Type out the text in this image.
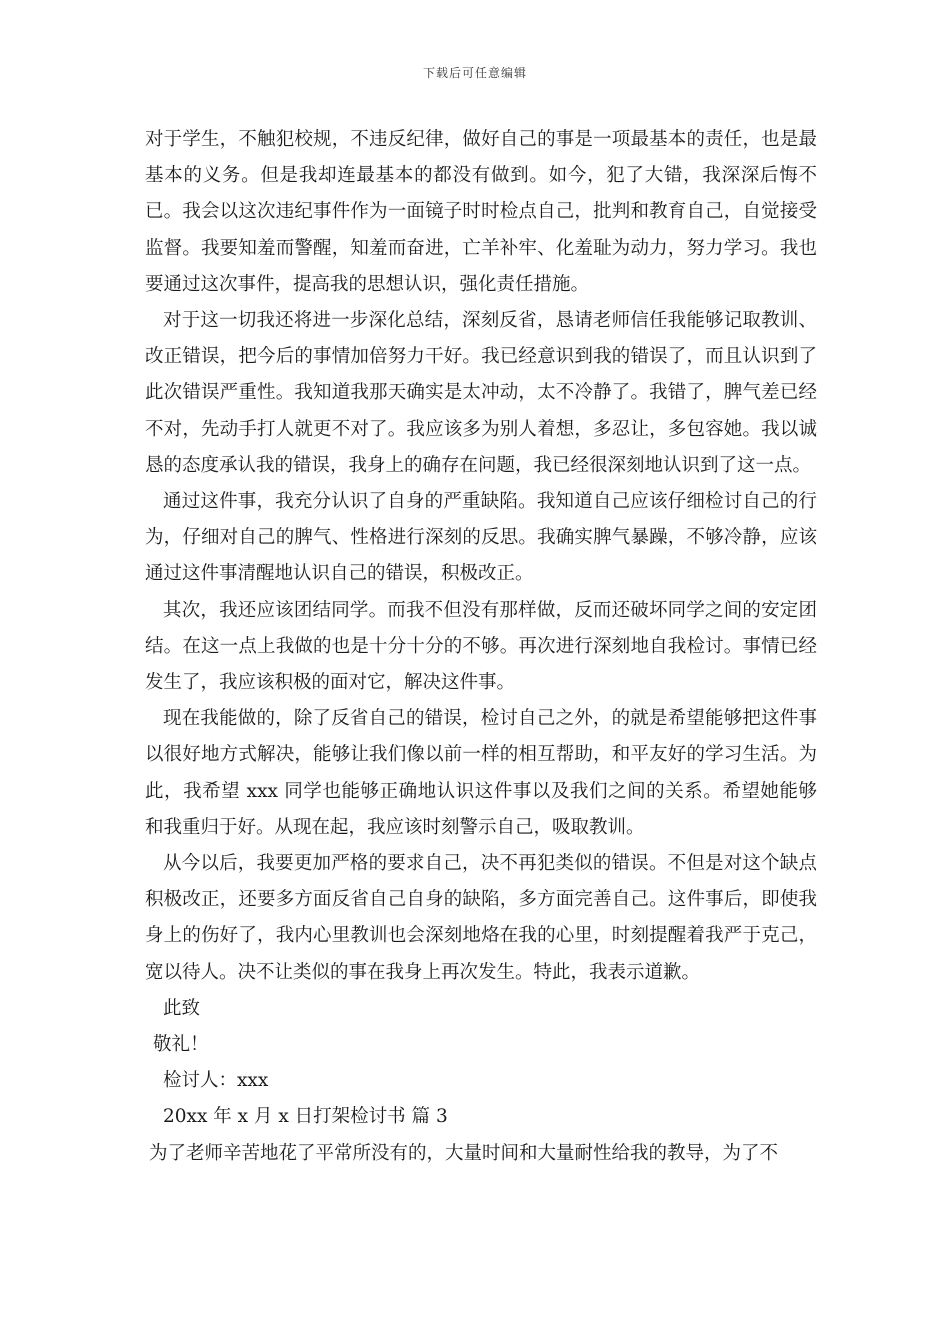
下载后可任意编辑

对于学生，不触犯校规，不违反纪律，做好自己的事是一项最基本的责任，也是最基本的义务。但是我却连最基本的都没有做到。如今，犯了大错，我深深后悔不已。我会以这次违纪事件作为一面镜子时时检点自己，批判和教育自己，自觉接受监督。我要知羞而警醒，知羞而奋进，亡羊补牢、化羞耻为动力，努力学习。我也要通过这次事件，提高我的思想认识，强化责任措施。

对于这一切我还将进一步深化总结，深刻反省，恳请老师信任我能够记取教训、改正错误，把今后的事情加倍努力干好。我已经意识到我的错误了，而且认识到了此次错误严重性。我知道我那天确实是太冲动，太不冷静了。我错了，脾气差已经不对，先动手打人就更不对了。我应该多为别人着想，多忍让，多包容她。我以诚恳的态度承认我的错误，我身上的确存在问题，我已经很深刻地认识到了这一点。

通过这件事，我充分认识了自身的严重缺陷。我知道自己应该仔细检讨自己的行为，仔细对自己的脾气、性格进行深刻的反思。我确实脾气暴躁，不够冷静，应该通过这件事清醒地认识自己的错误，积极改正。

其次，我还应该团结同学。而我不但没有那样做，反而还破坏同学之间的安定团结。在这一点上我做的也是十分十分的不够。再次进行深刻地自我检讨。事情已经发生了，我应该积极的面对它，解决这件事。

现在我能做的，除了反省自己的错误，检讨自己之外，的就是希望能够把这件事以很好地方式解决，能够让我们像以前一样的相互帮助，和平友好的学习生活。为此，我希望 xxx 同学也能够正确地认识这件事以及我们之间的关系。希望她能够和我重归于好。从现在起，我应该时刻警示自己，吸取教训。

从今以后，我要更加严格的要求自己，决不再犯类似的错误。不但是对这个缺点积极改正，还要多方面反省自己自身的缺陷，多方面完善自己。这件事后，即使我身上的伤好了，我内心里教训也会深刻地烙在我的心里，时刻提醒着我严于克己，宽以待人。决不让类似的事在我身上再次发生。特此，我表示道歉。

此致

敬礼！

检讨人：xxx

20xx 年 x 月 x 日打架检讨书 篇 3

为了老师辛苦地花了平常所没有的，大量时间和大量耐性给我的教导，为了不
